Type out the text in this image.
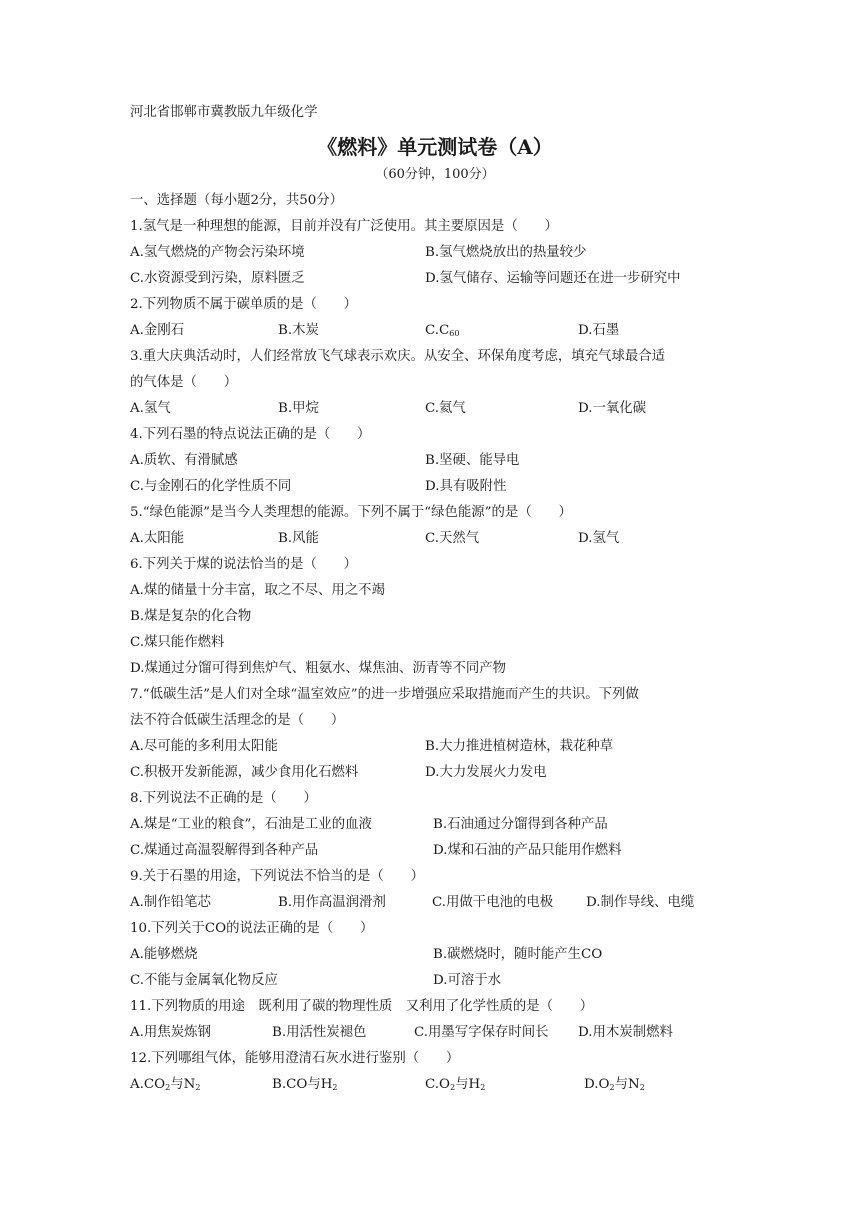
河北省邯郸市冀教版九年级化学
《燃料》单元测试卷（A）
（60分钟，100分）
一、选择题（每小题2分，共50分）
1.氢气是一种理想的能源，目前并没有广泛使用。其主要原因是（　　）
A.氢气燃烧的产物会污染环境	B.氢气燃烧放出的热量较少
C.水资源受到污染，原料匮乏	D.氢气储存、运输等问题还在进一步研究中
2.下列物质不属于碳单质的是（　　）
A.金刚石	B.木炭	$C.C_{60}$	D.石墨
3.重大庆典活动时，人们经常放飞气球表示欢庆。从安全、环保角度考虑，填充气球最合适
的气体是（　　）
A.氢气	B.甲烷	C.氦气	D.一氧化碳
4.下列石墨的特点说法正确的是（　　）
A.质软、有滑腻感	B.坚硬、能导电
C.与金刚石的化学性质不同	D.具有吸附性
5.“绿色能源”是当今人类理想的能源。下列不属于“绿色能源”的是（　　）
A.太阳能	B.风能	C.天然气	D.氢气
6.下列关于煤的说法恰当的是（　　）
A.煤的储量十分丰富，取之不尽、用之不竭
B.煤是复杂的化合物
C.煤只能作燃料
D.煤通过分馏可得到焦炉气、粗氨水、煤焦油、沥青等不同产物
7.“低碳生活”是人们对全球“温室效应”的进一步增强应采取措施而产生的共识。下列做
法不符合低碳生活理念的是（　　）
A.尽可能的多利用太阳能	B.大力推进植树造林，栽花种草
C.积极开发新能源，减少食用化石燃料	D.大力发展火力发电
8.下列说法不正确的是（　　）
A.煤是“工业的粮食”，石油是工业的血液	B.石油通过分馏得到各种产品
C.煤通过高温裂解得到各种产品	D.煤和石油的产品只能用作燃料
9.关于石墨的用途，下列说法不恰当的是（　　）
A.制作铅笔芯	B.用作高温润滑剂	C.用做干电池的电极 D.制作导线、电缆
10.下列关于CO的说法正确的是（　　）
A.能够燃烧	B.碳燃烧时，随时能产生CO
C.不能与金属氧化物反应	D.可溶于水
11.下列物质的用途　既利用了碳的物理性质　又利用了化学性质的是（　　）
A.用焦炭炼钢	B.用活性炭褪色	C.用墨写字保存时间长 D.用木炭制燃料
12.下列哪组气体，能够用澄清石灰水进行鉴别（　　）
$A.CO_2$与$N_2$	B.CO与$H_2$	$C.O_2$与$H_2$	$D.O_2$与$N_2$
